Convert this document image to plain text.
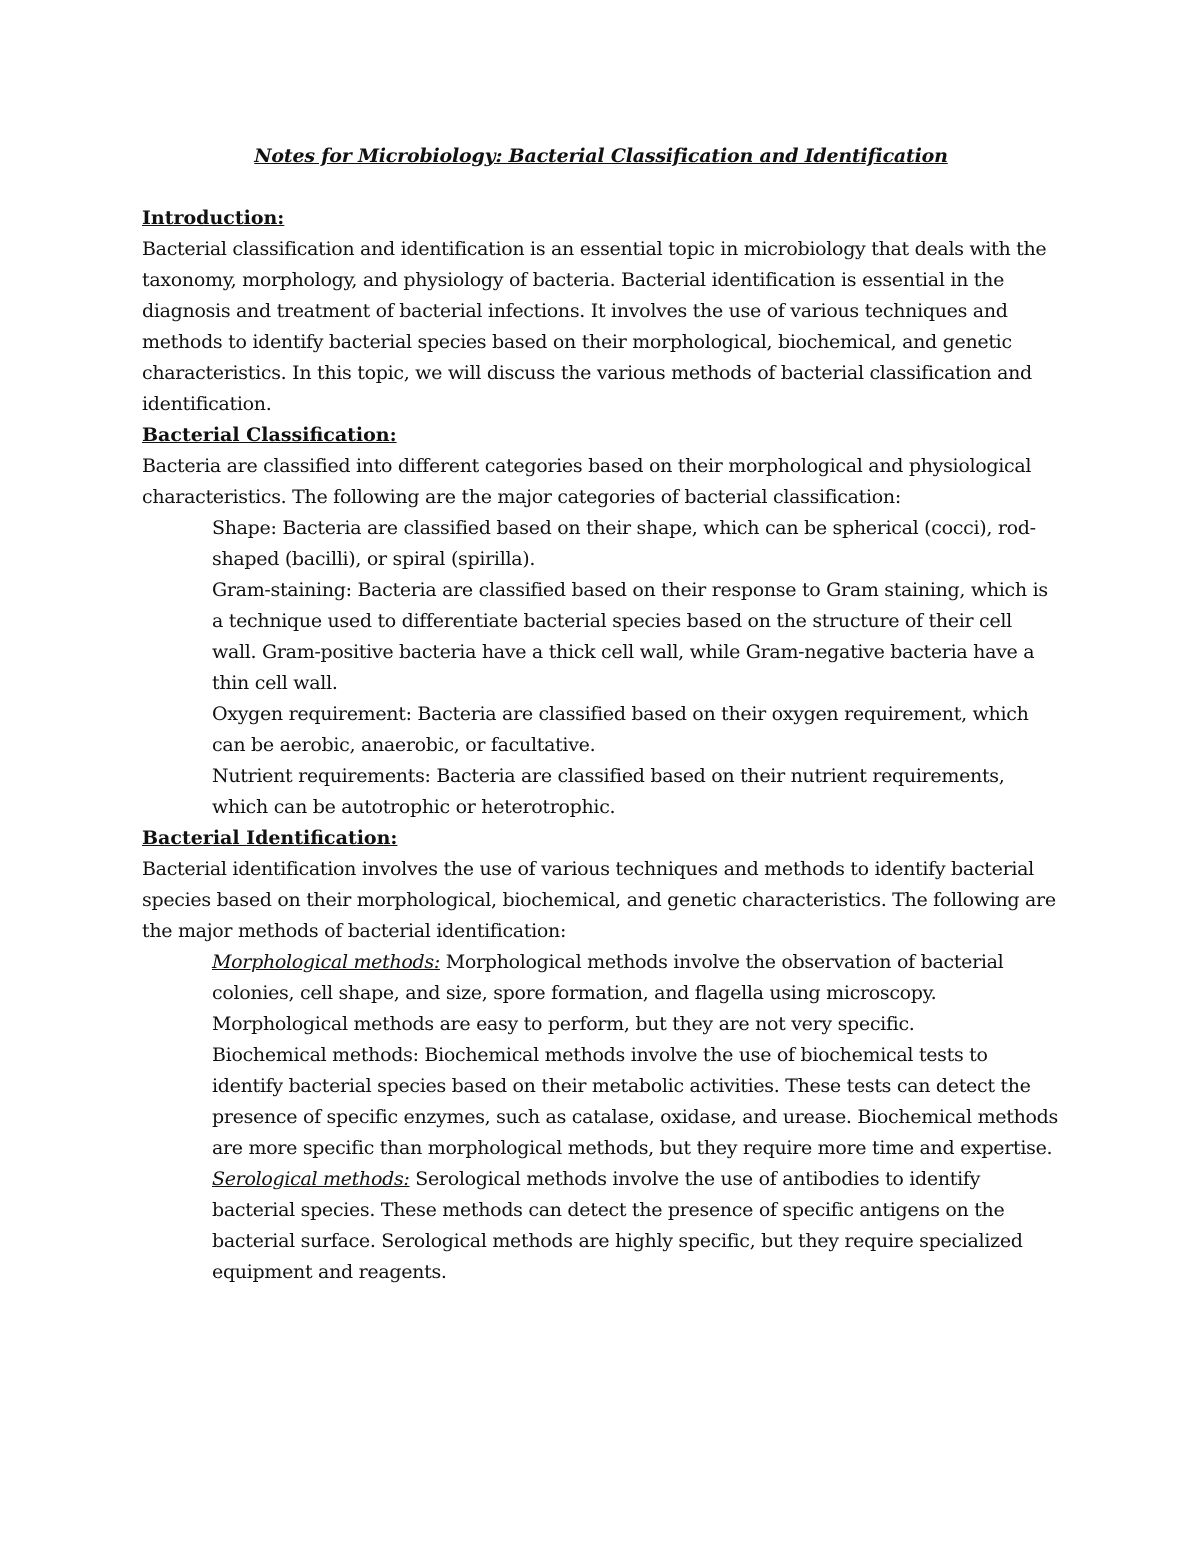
Notes for Microbiology: Bacterial Classification and Identification
Introduction:

Bacterial classification and identification is an essential topic in microbiology that deals with the taxonomy, morphology, and physiology of bacteria. Bacterial identification is essential in the diagnosis and treatment of bacterial infections. It involves the use of various techniques and methods to identify bacterial species based on their morphological, biochemical, and genetic characteristics. In this topic, we will discuss the various methods of bacterial classification and identification.

Bacterial Classification:

Bacteria are classified into different categories based on their morphological and physiological characteristics. The following are the major categories of bacterial classification:

Shape: Bacteria are classified based on their shape, which can be spherical (cocci), rod-shaped (bacilli), or spiral (spirilla).

Gram-staining: Bacteria are classified based on their response to Gram staining, which is a technique used to differentiate bacterial species based on the structure of their cell wall. Gram-positive bacteria have a thick cell wall, while Gram-negative bacteria have a thin cell wall.

Oxygen requirement: Bacteria are classified based on their oxygen requirement, which can be aerobic, anaerobic, or facultative.

Nutrient requirements: Bacteria are classified based on their nutrient requirements, which can be autotrophic or heterotrophic.

Bacterial Identification:

Bacterial identification involves the use of various techniques and methods to identify bacterial species based on their morphological, biochemical, and genetic characteristics. The following are the major methods of bacterial identification:

Morphological methods: Morphological methods involve the observation of bacterial colonies, cell shape, and size, spore formation, and flagella using microscopy. Morphological methods are easy to perform, but they are not very specific.

Biochemical methods: Biochemical methods involve the use of biochemical tests to identify bacterial species based on their metabolic activities. These tests can detect the presence of specific enzymes, such as catalase, oxidase, and urease. Biochemical methods are more specific than morphological methods, but they require more time and expertise.

Serological methods: Serological methods involve the use of antibodies to identify bacterial species. These methods can detect the presence of specific antigens on the bacterial surface. Serological methods are highly specific, but they require specialized equipment and reagents.
